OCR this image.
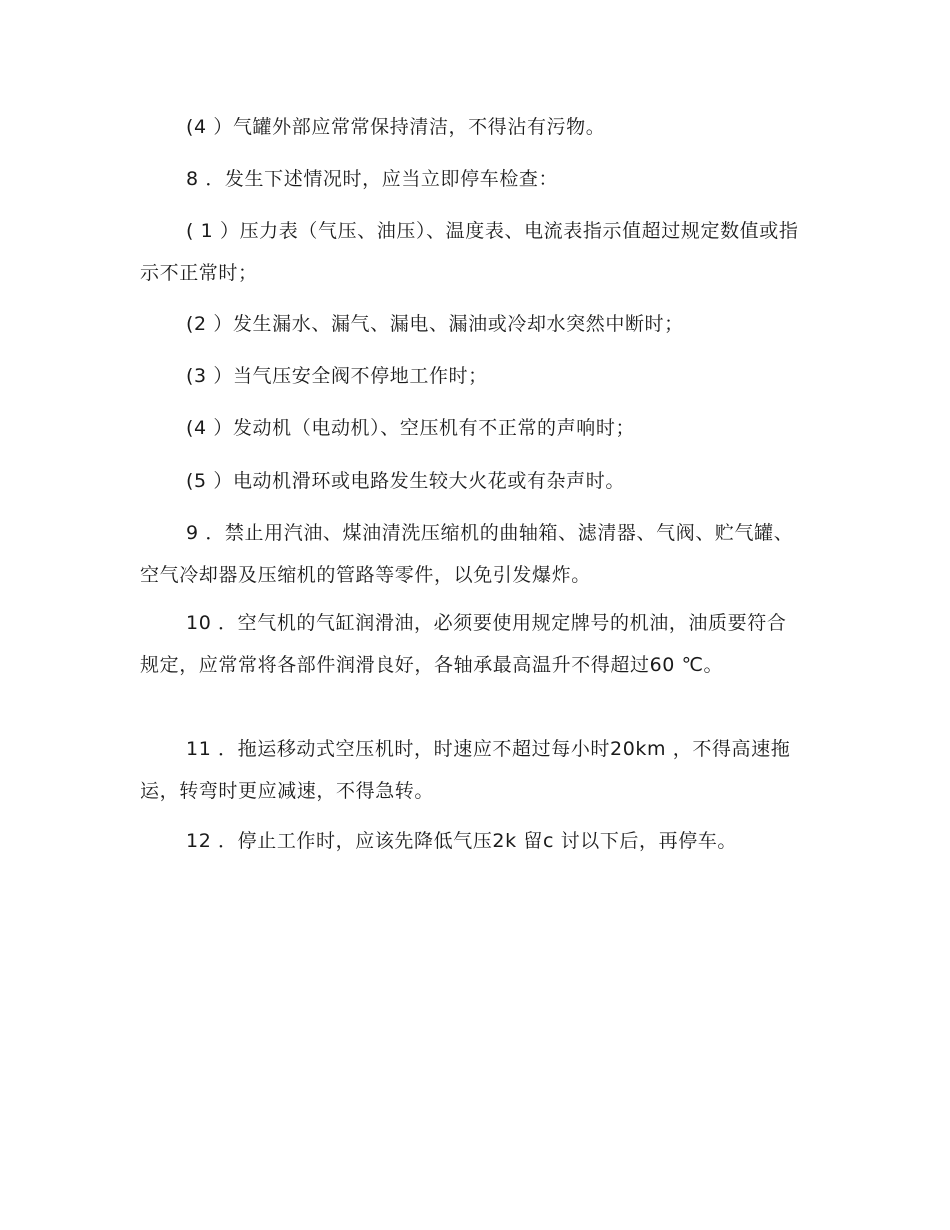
(4 ）气罐外部应常常保持清洁，不得沾有污物。

8 ．发生下述情况时，应当立即停车检查：

( 1 ）压力表（气压、油压）、温度表、电流表指示值超过规定数值或指示不正常时；

(2 ）发生漏水、漏气、漏电、漏油或冷却水突然中断时；

(3 ）当气压安全阀不停地工作时；

(4 ）发动机（电动机）、空压机有不正常的声响时；

(5 ）电动机滑环或电路发生较大火花或有杂声时。

9 ．禁止用汽油、煤油清洗压缩机的曲轴箱、滤清器、气阀、贮气罐、空气冷却器及压缩机的管路等零件，以免引发爆炸。

10 ．空气机的气缸润滑油，必须要使用规定牌号的机油，油质要符合规定，应常常将各部件润滑良好，各轴承最高温升不得超过60 ℃。

11 ．拖运移动式空压机时，时速应不超过每小时20km ，不得高速拖运，转弯时更应减速，不得急转。

12 ．停止工作时，应该先降低气压2k 留c 讨以下后，再停车。
